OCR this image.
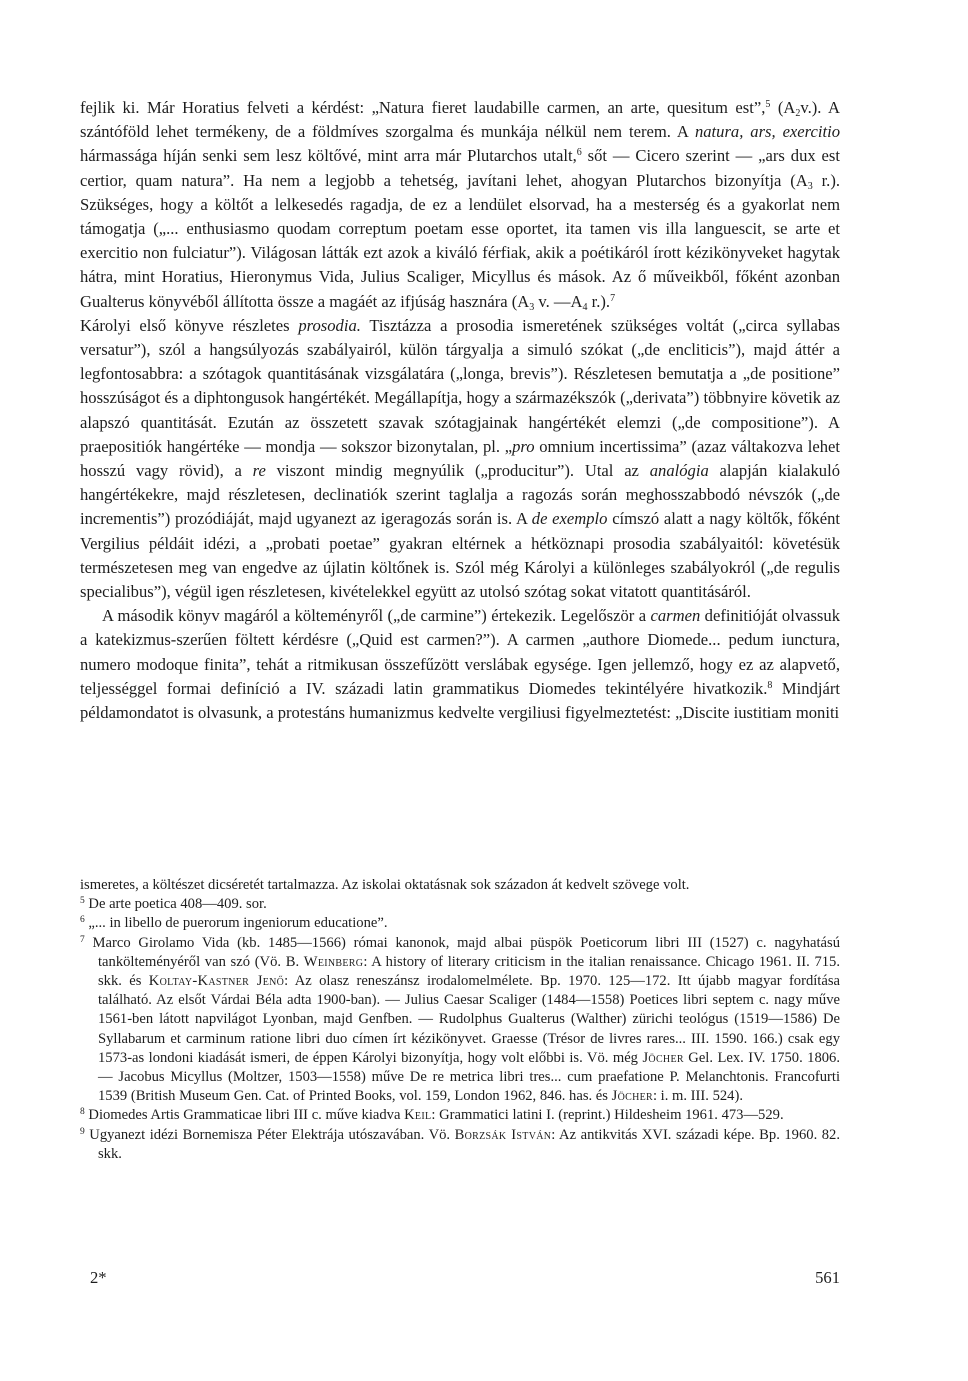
fejlik ki. Már Horatius felveti a kérdést: „Natura fieret laudabille carmen, an arte, quesitum est”,$^5$ $(A_2v.)$. A szántóföld lehet termékeny, de a földmíves szorgalma és munkája nélkül nem terem. A natura, ars, exercitio hármassága híján senki sem lesz költővé, mint arra már Plutarchos utalt,$^6$ sőt — Cicero szerint — „ars dux est certior, quam natura”. Ha nem a legjobb a tehetség, javítani lehet, ahogyan Plutarchos bizonyítja ($A_3$ r.). Szükséges, hogy a költőt a lelkesedés ragadja, de ez a lendület elsorvad, ha a mesterség és a gyakorlat nem támogatja („... enthusiasmo quodam correptum poetam esse oportet, ita tamen vis illa languescit, se arte et exercitio non fulciatur”). Világosan látták ezt azok a kiváló férfiak, akik a poétikáról írott kézikönyveket hagytak hátra, mint Horatius, Hieronymus Vida, Julius Scaliger, Micyllus és mások. Az ő műveikből, főként azonban Gualterus könyvéből állította össze a magáét az ifjúság hasznára ($A_3$ v. $—A_4$ r.).$^7$

Károlyi első könyve részletes prosodia. Tisztázza a prosodia ismeretének szükséges voltát („circa syllabas versatur”), szól a hangsúlyozás szabályairól, külön tárgyalja a simuló szókat („de encliticis”), majd áttér a legfontosabbra: a szótagok quantitásának vizsgálatára („longa, brevis”). Részletesen bemutatja a „de positione” hosszúságot és a diphtongusok hangértékét. Megállapítja, hogy a származékszók („derivata”) többnyire követik az alapszó quantitását. Ezután az összetett szavak szótagjainak hangértékét elemzi („de compositione”). A praepositiók hangértéke — mondja — sokszor bizonytalan, pl. „pro omnium incertissima” (azaz váltakozva lehet hosszú vagy rövid), a re viszont mindig megnyúlik („producitur”). Utal az analógia alapján kialakuló hangértékekre, majd részletesen, declinatiók szerint taglalja a ragozás során meghosszabbodó névszók („de incrementis”) prozódiáját, majd ugyanezt az igeragozás során is. A de exemplo címszó alatt a nagy költők, főként Vergilius példáit idézi, a „probati poetae” gyakran eltérnek a hétköznapi prosodia szabályaitól: követésük természetesen meg van engedve az újlatin költőnek is. Szól még Károlyi a különleges szabályokról („de regulis specialibus”), végül igen részletesen, kivételekkel együtt az utolsó szótag sokat vitatott quantitásáról.

A második könyv magáról a költeményről („de carmine”) értekezik. Legelőször a carmen definitióját olvassuk a katekizmus-szerűen föltett kérdésre („Quid est carmen?”). A carmen „authore Diomede... pedum iunctura, numero modoque finita”, tehát a ritmikusan összefűzött verslábak egysége. Igen jellemző, hogy ez az alapvető, teljességgel formai definíció a IV. századi latin grammatikus Diomedes tekintélyére hivatkozik.$^8$ Mindjárt példamondatot is olvasunk, a protestáns humanizmus kedvelte vergiliusi figyelmeztetést: „Discite iustitiam moniti

ismeretes, a költészet dicséretét tartalmazza. Az iskolai oktatásnak sok századon át kedvelt szövege volt.

$^5$ De arte poetica 408—409. sor.

$^6$ „... in libello de puerorum ingeniorum educatione”.

$^7$ Marco Girolamo Vida (kb. 1485—1566) római kanonok, majd albai püspök Poeticorum libri III (1527) c. nagyhatású tankölteményéről van szó (Vö. B. Weinberg: A history of literary criticism in the italian renaissance. Chicago 1961. II. 715. skk. és Koltay-Kastner Jenő: Az olasz reneszánsz irodalomelmélete. Bp. 1970. 125—172. Itt újabb magyar fordítása található. Az elsőt Várdai Béla adta 1900-ban). — Julius Caesar Scaliger (1484—1558) Poetices libri septem c. nagy műve 1561-ben látott napvilágot Lyonban, majd Genfben. — Rudolphus Gualterus (Walther) zürichi teológus (1519—1586) De Syllabarum et carminum ratione libri duo címen írt kézikönyvet. Graesse (Trésor de livres rares... III. 1590. 166.) csak egy 1573-as londoni kiadását ismeri, de éppen Károlyi bizonyítja, hogy volt előbbi is. Vö. még Jöcher Gel. Lex. IV. 1750. 1806. — Jacobus Micyllus (Moltzer, 1503—1558) műve De re metrica libri tres... cum praefatione P. Melanchtonis. Francofurti 1539 (British Museum Gen. Cat. of Printed Books, vol. 159, London 1962, 846. has. és Jöcher: i. m. III. 524).

$^8$ Diomedes Artis Grammaticae libri III c. műve kiadva Keil: Grammatici latini I. (reprint.) Hildesheim 1961. 473—529.

$^9$ Ugyanezt idézi Bornemisza Péter Elektrája utószavában. Vö. Borzsák István: Az antikvitás XVI. századi képe. Bp. 1960. 82. skk.

2*	561
